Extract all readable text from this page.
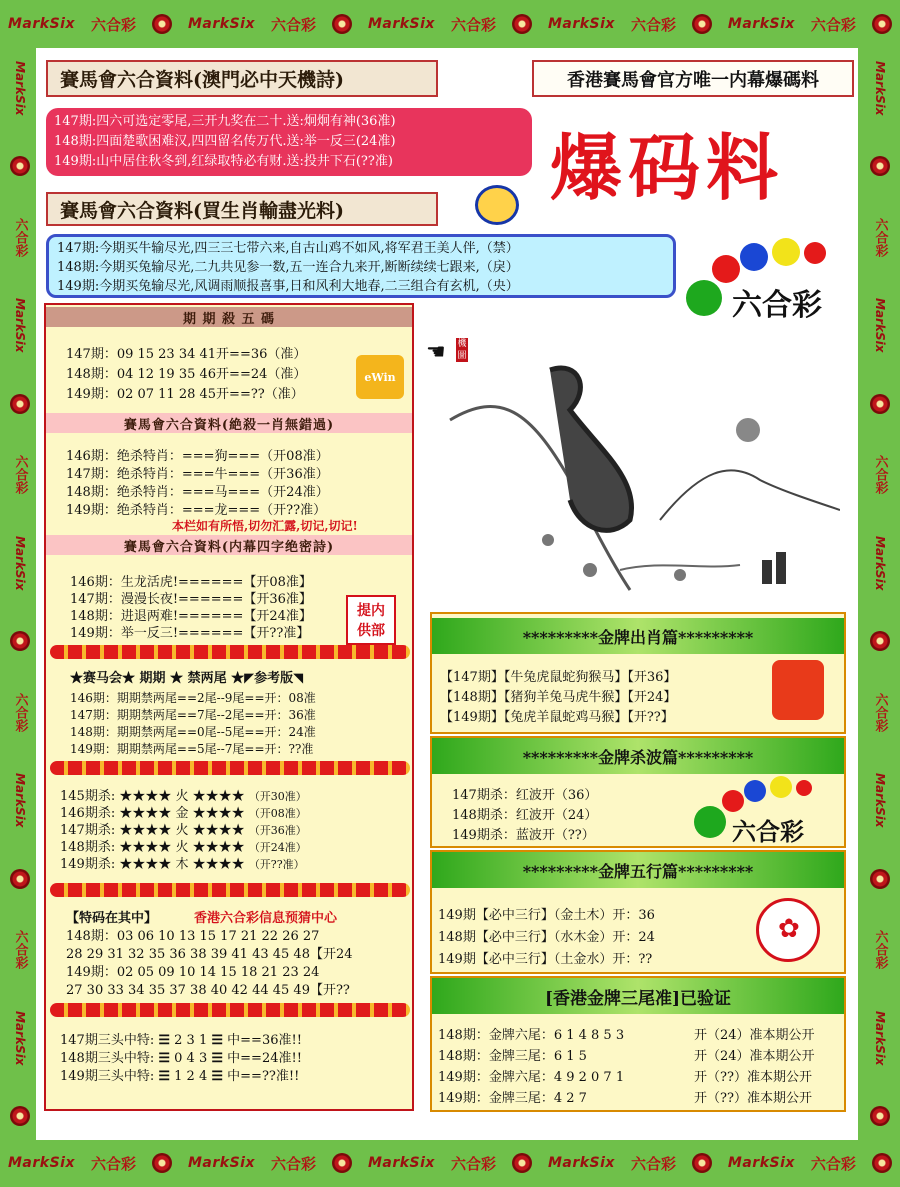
MarkSix 六合彩	MarkSix 六合彩	MarkSix 六合彩	MarkSix 六合彩	MarkSix 六合彩
MarkSix 六合彩	MarkSix 六合彩	MarkSix 六合彩	MarkSix 六合彩	MarkSix 六合彩
MarkSix
六合彩
MarkSix
六合彩
MarkSix
六合彩
MarkSix
六合彩
MarkSix
MarkSix
六合彩
MarkSix
六合彩
MarkSix
六合彩
MarkSix
六合彩
MarkSix
賽馬會六合資料(澳門必中天機詩)	香港賽馬會官方唯一内幕爆碼料
147期:四六可选定零尾,三开九奖在二十.送:炯炯有神(36准)
148期:四面楚歌困难汉,四四留名传万代.送:举一反三(24准)
149期:山中居住秋冬到,红绿取特必有财.送:投井下石(??准)	爆码料
賽馬會六合資料(買生肖輸盡光料)
147期:今期买牛输尽光,四三三七带六来,自古山鸡不如风,将军君王美人伴,（禁）
148期:今期买兔输尽光,二九共见参一数,五一连合九来开,断断续续七跟来,（戾）
149期:今期买兔输尽光,风调雨顺报喜事,日和风利大地春,二三组合有玄机,（央）
六合彩
期 期 殺 五 碼
147期：09 15 23 34 41开==36（准）
148期：04 12 19 35 46开==24（准）
149期：02 07 11 28 45开==??（准）
eWin
賽馬會六合資料(絶殺一肖無錯過)
146期：绝杀特肖：===狗===（开08准）
147期：绝杀特肖：===牛===（开36准）
148期：绝杀特肖：===马===（开24准）
149期：绝杀特肖：===龙===（开??准）
本栏如有所悟,切勿汇露,切记,切记!
賽馬會六合資料(内幕四字绝密詩)
146期：生龙活虎!======【开08准】
147期：漫漫长夜!======【开36准】
148期：进退两难!======【开24准】
149期：举一反三!======【开??准】
提内
供部
★赛马会★ 期期 ★ 禁两尾 ★◤参考版◥
146期：期期禁两尾==2尾--9尾==开：08准
147期：期期禁两尾==7尾--2尾==开：36准
148期：期期禁两尾==0尾--5尾==开：24准
149期：期期禁两尾==5尾--7尾==开：??准
145期杀: ★★★★ 火 ★★★★ （开30准）
146期杀: ★★★★ 金 ★★★★ （开08准）
147期杀: ★★★★ 火 ★★★★ （开36准）
148期杀: ★★★★ 火 ★★★★ （开24准）
149期杀: ★★★★ 木 ★★★★ （开??准）
【特码在其中】	香港六合彩信息预猜中心
148期：03 06 10 13 15 17 21 22 26 27
28 29 31 32 35 36 38 39 41 43 45 48【开24
149期：02 05 09 10 14 15 18 21 23 24
27 30 33 34 35 37 38 40 42 44 45 49【开??
147期三头中特: ☰ 2 3 1 ☰ 中==36准!!
148期三头中特: ☰ 0 4 3 ☰ 中==24准!!
149期三头中特: ☰ 1 2 4 ☰ 中==??准!!
☚ 機圖
*********金牌出肖篇*********
【147期】【牛兔虎鼠蛇狗猴马】【开36】
【148期】【猪狗羊兔马虎牛猴】【开24】
【149期】【兔虎羊鼠蛇鸡马猴】【开??】
*********金牌杀波篇*********
147期杀：红波开（36）
148期杀：红波开（24）
149期杀：蓝波开（??）	六合彩
*********金牌五行篇*********
149期【必中三行】（金土木）开：36
148期【必中三行】（水木金）开：24
149期【必中三行】（土金水）开：??
✿
[香港金牌三尾准]已验证
148期：金牌六尾：6 1 4 8 5 3	开（24）准本期公开
148期：金牌三尾：6 1 5	开（24）准本期公开
149期：金牌六尾：4 9 2 0 7 1	开（??）准本期公开
149期：金牌三尾：4 2 7	开（??）准本期公开
